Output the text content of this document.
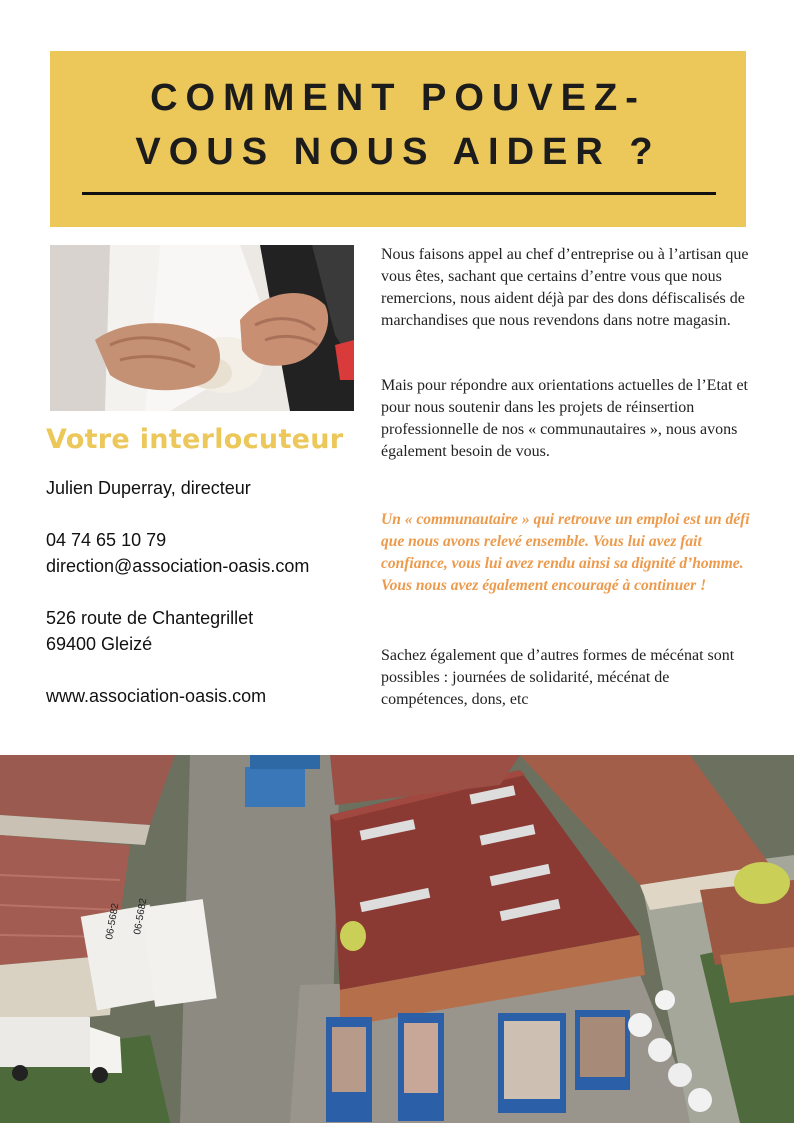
COMMENT POUVEZ-
VOUS NOUS AIDER ?
Votre interlocuteur
Julien Duperray, directeur
04 74 65 10 79
direction@association-oasis.com
526 route de Chantegrillet
69400 Gleizé
www.association-oasis.com
Nous faisons appel au chef d’entreprise ou à l’artisan que vous êtes, sachant que certains d’entre vous que nous remercions, nous aident déjà par des dons défiscalisés de marchandises que nous revendons dans notre magasin.
Mais pour répondre aux orientations actuelles de l’Etat et pour nous soutenir dans les projets de réinsertion professionnelle de nos « communautaires », nous avons également besoin de vous.
Un « communautaire » qui retrouve un emploi est un défi que nous avons relevé ensemble. Vous lui avez fait confiance, vous lui avez rendu ainsi sa dignité d’homme. Vous nous avez également encouragé à continuer !
Sachez également que d’autres formes de mécénat sont possibles : journées de solidarité, mécénat de compétences, dons, etc
06-5682 06-5682
